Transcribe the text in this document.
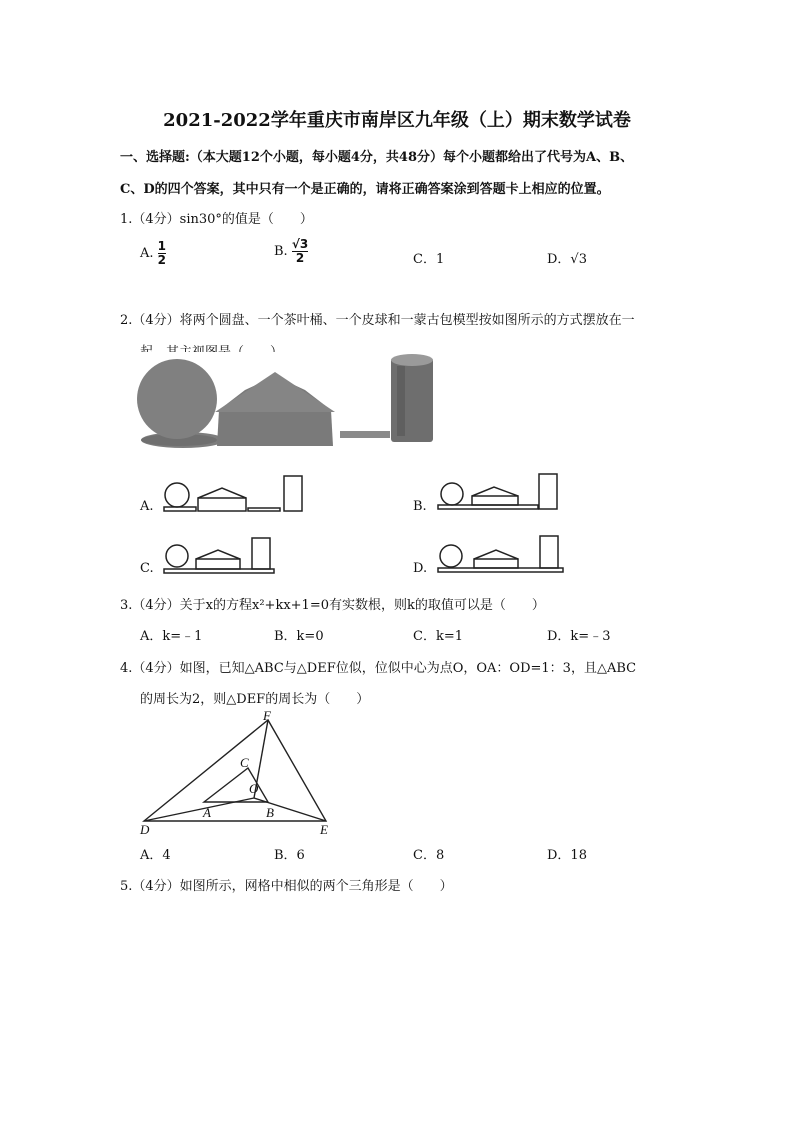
2021-2022学年重庆市南岸区九年级（上）期末数学试卷
一、选择题:（本大题12个小题，每小题4分，共48分）每个小题都给出了代号为A、B、
C、D的四个答案，其中只有一个是正确的，请将正确答案涂到答题卡上相应的位置。
1.（4分）sin30°的值是（　　）
A. $\frac{1}{2}$	B. $\frac{√3}{2}$	C．1	D．√3
2.（4分）将两个圆盘、一个茶叶桶、一个皮球和一蒙古包模型按如图所示的方式摆放在一
A.	B.
C.	D.
3.（4分）关于x的方程x²+kx+1=0有实数根，则k的取值可以是（　　）
A．k=﹣1	B．k=0	C．k=1	D．k=﹣3
4.（4分）如图，已知△ABC与△DEF位似，位似中心为点O，OA：OD=1：3，且△ABC
的周长为2，则△DEF的周长为（　　）
F
C
O
A	B
D	E
A．4	B．6	C．8	D．18
5.（4分）如图所示，网格中相似的两个三角形是（　　）
